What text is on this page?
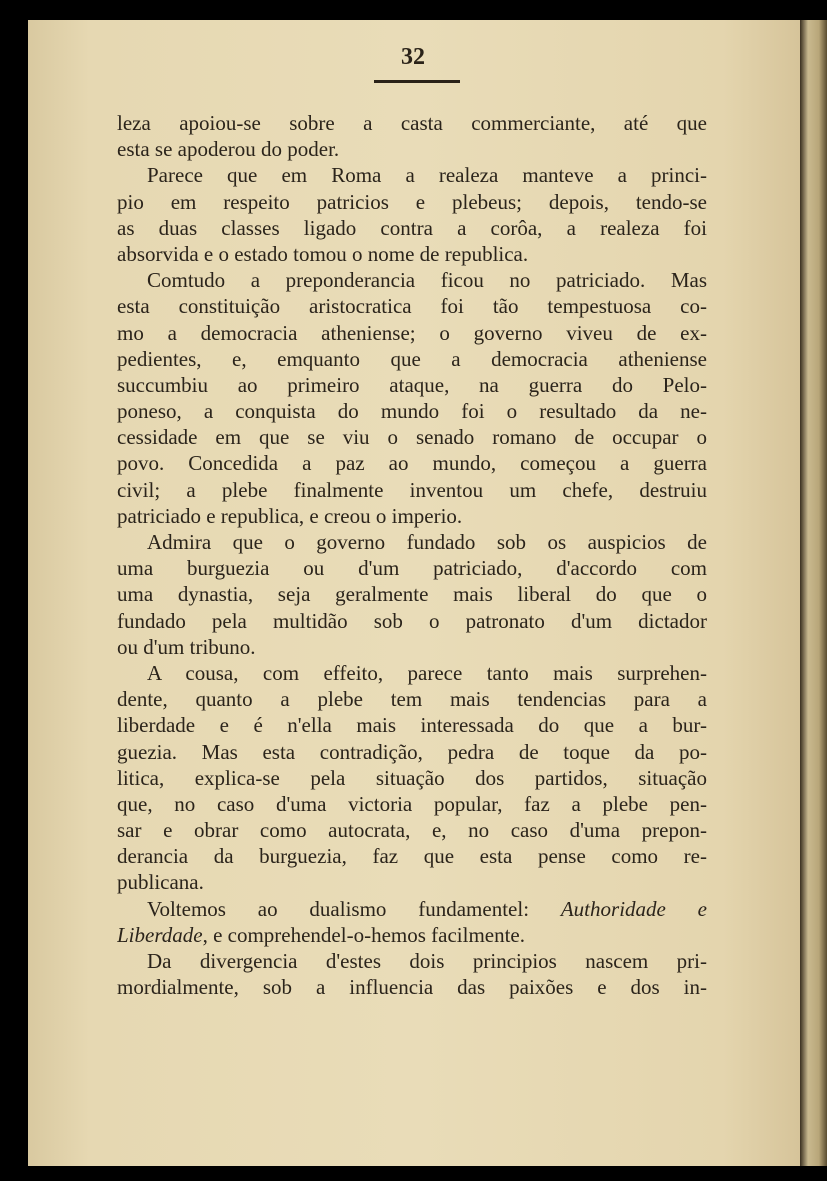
32
leza apoiou-se sobre a casta commerciante, até que
esta se apoderou do poder.
Parece que em Roma a realeza manteve a princi-
pio em respeito patricios e plebeus; depois, tendo-se
as duas classes ligado contra a corôa, a realeza foi
absorvida e o estado tomou o nome de republica.
Comtudo a preponderancia ficou no patriciado. Mas
esta constituição aristocratica foi tão tempestuosa co-
mo a democracia atheniense; o governo viveu de ex-
pedientes, e, emquanto que a democracia atheniense
succumbiu ao primeiro ataque, na guerra do Pelo-
poneso, a conquista do mundo foi o resultado da ne-
cessidade em que se viu o senado romano de occupar o
povo. Concedida a paz ao mundo, começou a guerra
civil; a plebe finalmente inventou um chefe, destruiu
patriciado e republica, e creou o imperio.
Admira que o governo fundado sob os auspicios de
uma burguezia ou d'um patriciado, d'accordo com
uma dynastia, seja geralmente mais liberal do que o
fundado pela multidão sob o patronato d'um dictador
ou d'um tribuno.
A cousa, com effeito, parece tanto mais surprehen-
dente, quanto a plebe tem mais tendencias para a
liberdade e é n'ella mais interessada do que a bur-
guezia. Mas esta contradição, pedra de toque da po-
litica, explica-se pela situação dos partidos, situação
que, no caso d'uma victoria popular, faz a plebe pen-
sar e obrar como autocrata, e, no caso d'uma prepon-
derancia da burguezia, faz que esta pense como re-
publicana.
Voltemos ao dualismo fundamentel: Authoridade e
Liberdade, e comprehendel-o-hemos facilmente.
Da divergencia d'estes dois principios nascem pri-
mordialmente, sob a influencia das paixões e dos in-
